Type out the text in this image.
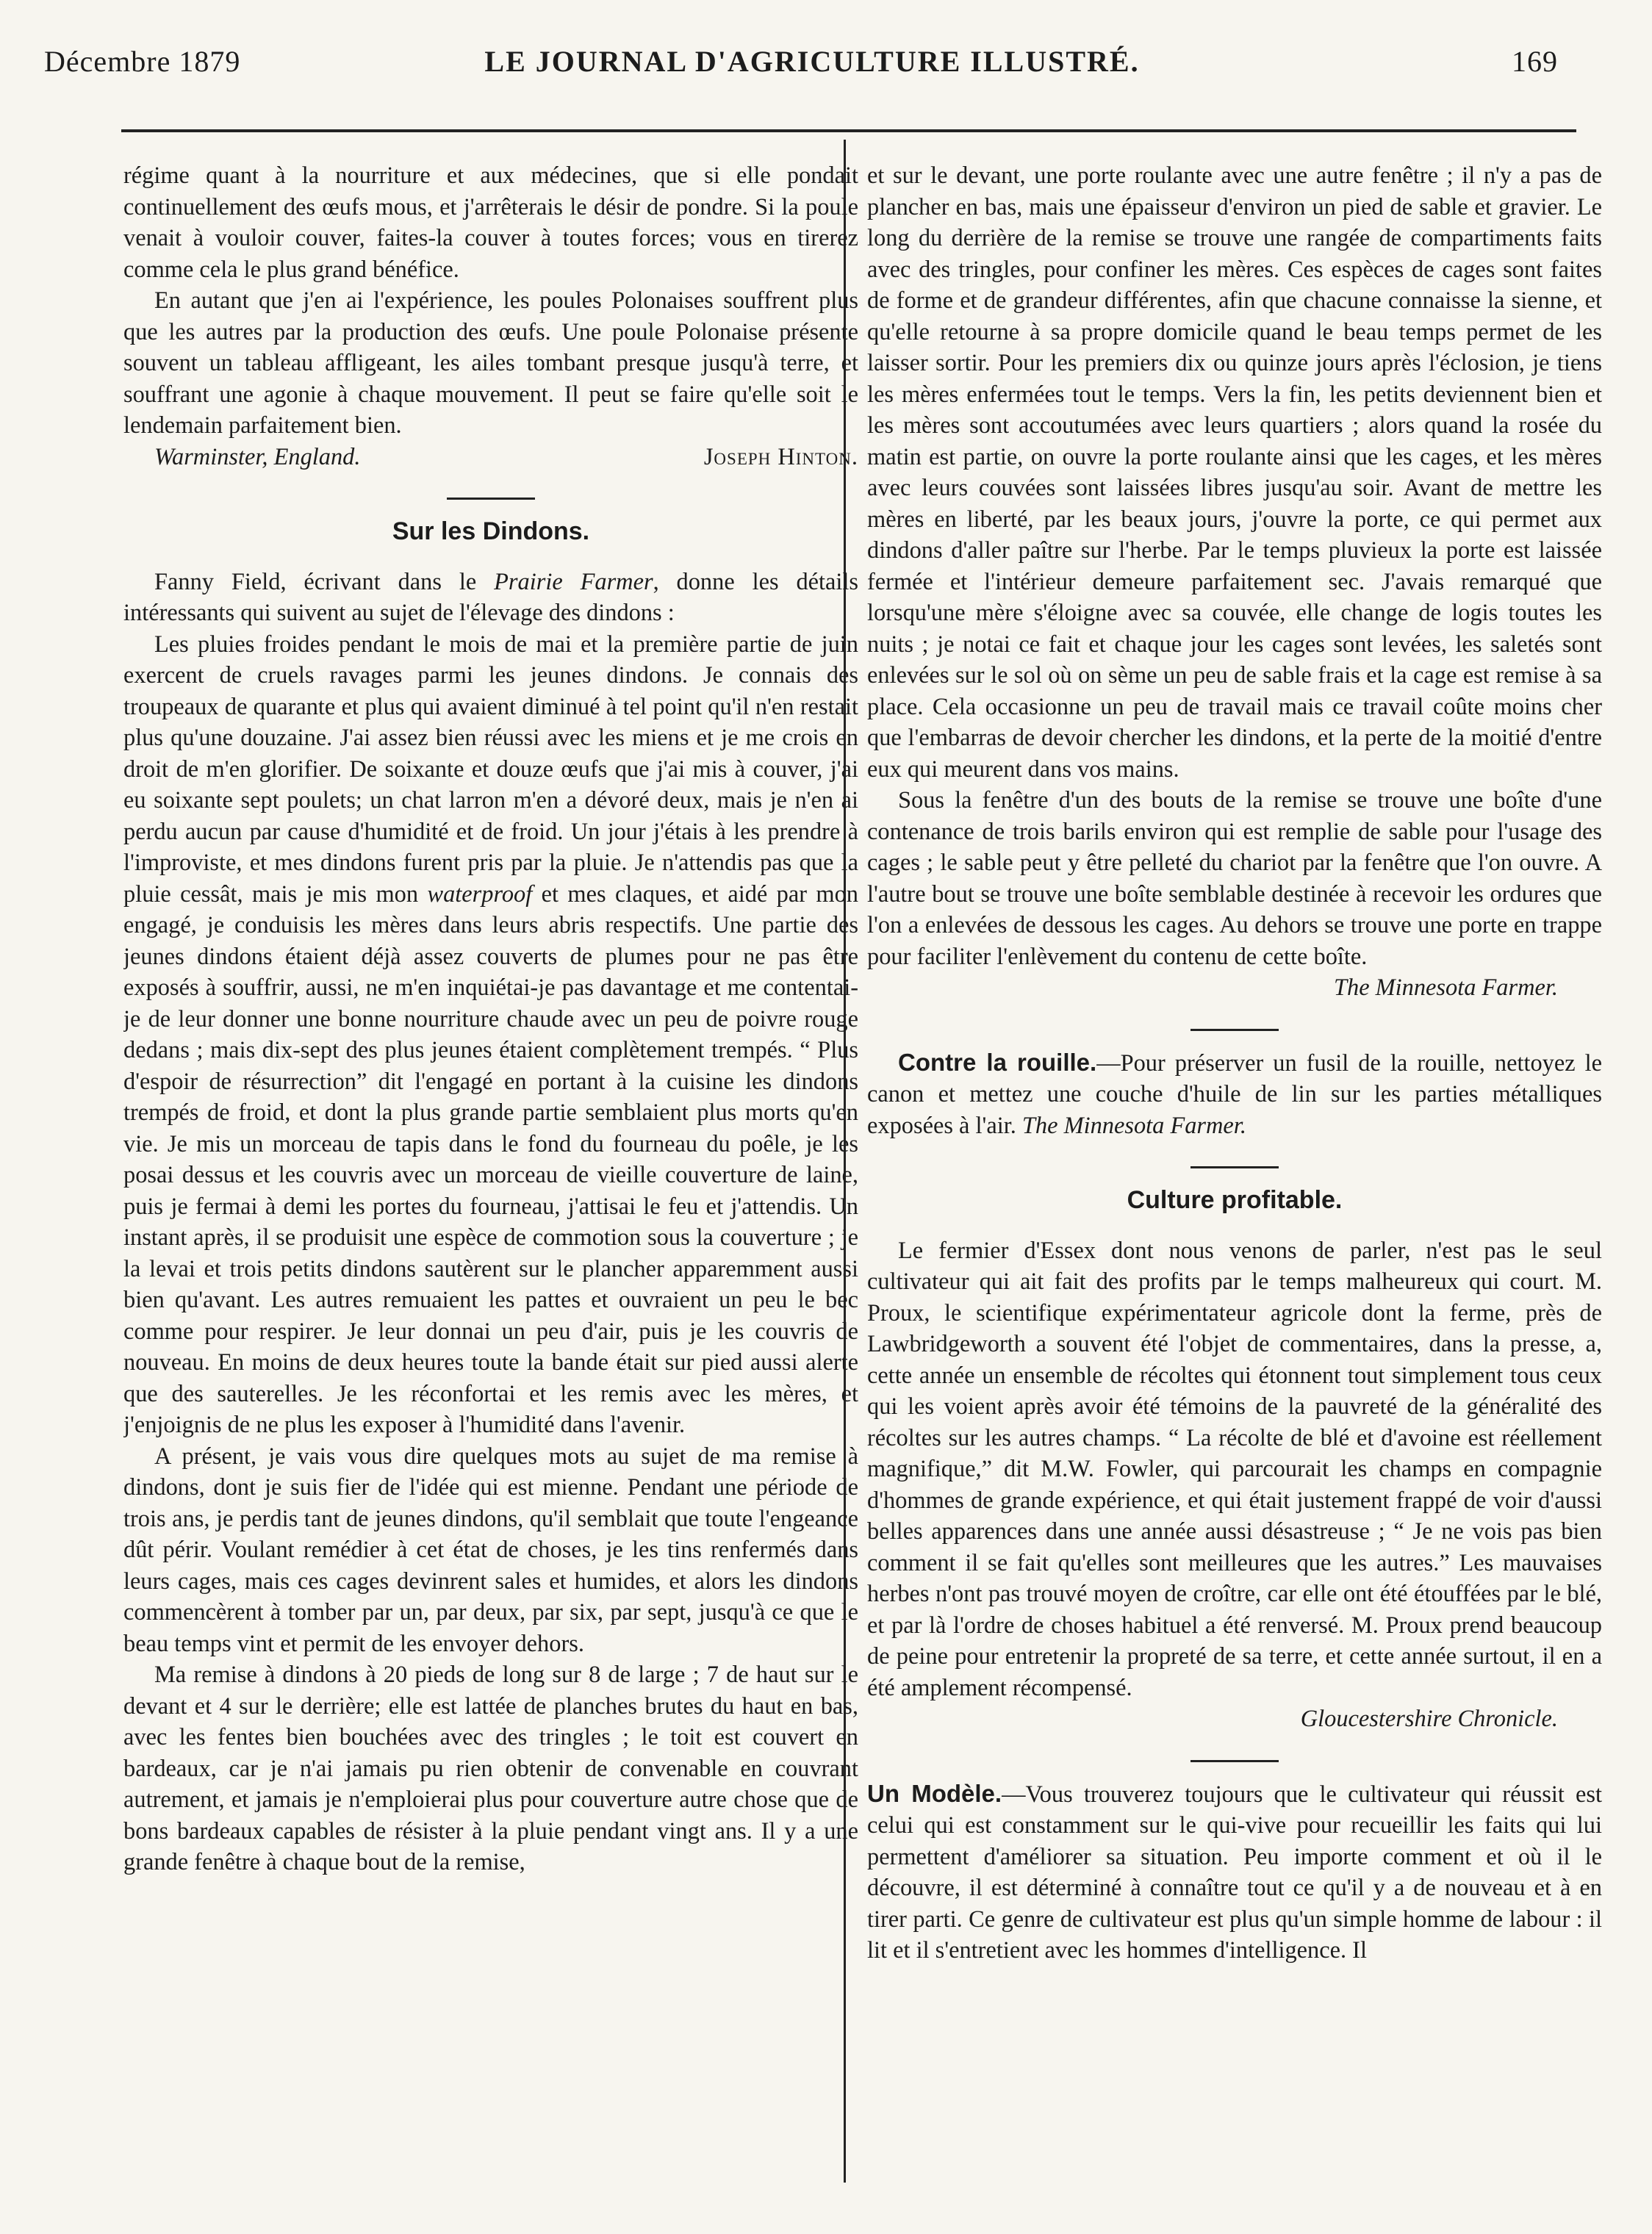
Décembre 1879	LE JOURNAL D'AGRICULTURE ILLUSTRÉ.	169

régime quant à la nourriture et aux médecines, que si elle pondait continuellement des œufs mous, et j'arrêterais le désir de pondre. Si la poule venait à vouloir couver, faites-la couver à toutes forces; vous en tirerez comme cela le plus grand bénéfice.

En autant que j'en ai l'expérience, les poules Polonaises souffrent plus que les autres par la production des œufs. Une poule Polonaise présente souvent un tableau affligeant, les ailes tombant presque jusqu'à terre, et souffrant une agonie à chaque mouvement. Il peut se faire qu'elle soit le lendemain parfaitement bien.

Warminster, England.	Joseph Hinton.
Sur les Dindons.

Fanny Field, écrivant dans le Prairie Farmer, donne les détails intéressants qui suivent au sujet de l'élevage des dindons :

Les pluies froides pendant le mois de mai et la première partie de juin exercent de cruels ravages parmi les jeunes dindons. Je connais des troupeaux de quarante et plus qui avaient diminué à tel point qu'il n'en restait plus qu'une douzaine. J'ai assez bien réussi avec les miens et je me crois en droit de m'en glorifier. De soixante et douze œufs que j'ai mis à couver, j'ai eu soixante sept poulets; un chat larron m'en a dévoré deux, mais je n'en ai perdu aucun par cause d'humidité et de froid. Un jour j'étais à les prendre à l'improviste, et mes dindons furent pris par la pluie. Je n'attendis pas que la pluie cessât, mais je mis mon waterproof et mes claques, et aidé par mon engagé, je conduisis les mères dans leurs abris respectifs. Une partie des jeunes dindons étaient déjà assez couverts de plumes pour ne pas être exposés à souffrir, aussi, ne m'en inquiétai-je pas davantage et me contentai-je de leur donner une bonne nourriture chaude avec un peu de poivre rouge dedans ; mais dix-sept des plus jeunes étaient complètement trempés. “ Plus d'espoir de résurrection” dit l'engagé en portant à la cuisine les dindons trempés de froid, et dont la plus grande partie semblaient plus morts qu'en vie. Je mis un morceau de tapis dans le fond du fourneau du poêle, je les posai dessus et les couvris avec un morceau de vieille couverture de laine, puis je fermai à demi les portes du fourneau, j'attisai le feu et j'attendis. Un instant après, il se produisit une espèce de commotion sous la couverture ; je la levai et trois petits dindons sautèrent sur le plancher apparemment aussi bien qu'avant. Les autres remuaient les pattes et ouvraient un peu le bec comme pour respirer. Je leur donnai un peu d'air, puis je les couvris de nouveau. En moins de deux heures toute la bande était sur pied aussi alerte que des sauterelles. Je les réconfortai et les remis avec les mères, et j'enjoignis de ne plus les exposer à l'humidité dans l'avenir.

A présent, je vais vous dire quelques mots au sujet de ma remise à dindons, dont je suis fier de l'idée qui est mienne. Pendant une période de trois ans, je perdis tant de jeunes dindons, qu'il semblait que toute l'engeance dût périr. Voulant remédier à cet état de choses, je les tins renfermés dans leurs cages, mais ces cages devinrent sales et humides, et alors les dindons commencèrent à tomber par un, par deux, par six, par sept, jusqu'à ce que le beau temps vint et permit de les envoyer dehors.

Ma remise à dindons à 20 pieds de long sur 8 de large ; 7 de haut sur le devant et 4 sur le derrière; elle est lattée de planches brutes du haut en bas, avec les fentes bien bouchées avec des tringles ; le toit est couvert en bardeaux, car je n'ai jamais pu rien obtenir de convenable en couvrant autrement, et jamais je n'emploierai plus pour couverture autre chose que de bons bardeaux capables de résister à la pluie pendant vingt ans. Il y a une grande fenêtre à chaque bout de la remise,

et sur le devant, une porte roulante avec une autre fenêtre ; il n'y a pas de plancher en bas, mais une épaisseur d'environ un pied de sable et gravier. Le long du derrière de la remise se trouve une rangée de compartiments faits avec des tringles, pour confiner les mères. Ces espèces de cages sont faites de forme et de grandeur différentes, afin que chacune connaisse la sienne, et qu'elle retourne à sa propre domicile quand le beau temps permet de les laisser sortir. Pour les premiers dix ou quinze jours après l'éclosion, je tiens les mères enfermées tout le temps. Vers la fin, les petits deviennent bien et les mères sont accoutumées avec leurs quartiers ; alors quand la rosée du matin est partie, on ouvre la porte roulante ainsi que les cages, et les mères avec leurs couvées sont laissées libres jusqu'au soir. Avant de mettre les mères en liberté, par les beaux jours, j'ouvre la porte, ce qui permet aux dindons d'aller paître sur l'herbe. Par le temps pluvieux la porte est laissée fermée et l'intérieur demeure parfaitement sec. J'avais remarqué que lorsqu'une mère s'éloigne avec sa couvée, elle change de logis toutes les nuits ; je notai ce fait et chaque jour les cages sont levées, les saletés sont enlevées sur le sol où on sème un peu de sable frais et la cage est remise à sa place. Cela occasionne un peu de travail mais ce travail coûte moins cher que l'embarras de devoir chercher les dindons, et la perte de la moitié d'entre eux qui meurent dans vos mains.

Sous la fenêtre d'un des bouts de la remise se trouve une boîte d'une contenance de trois barils environ qui est remplie de sable pour l'usage des cages ; le sable peut y être pelleté du chariot par la fenêtre que l'on ouvre. A l'autre bout se trouve une boîte semblable destinée à recevoir les ordures que l'on a enlevées de dessous les cages. Au dehors se trouve une porte en trappe pour faciliter l'enlèvement du contenu de cette boîte.

The Minnesota Farmer.

Contre la rouille.—Pour préserver un fusil de la rouille, nettoyez le canon et mettez une couche d'huile de lin sur les parties métalliques exposées à l'air. The Minnesota Farmer.

Culture profitable.

Le fermier d'Essex dont nous venons de parler, n'est pas le seul cultivateur qui ait fait des profits par le temps malheureux qui court. M. Proux, le scientifique expérimentateur agricole dont la ferme, près de Lawbridgeworth a souvent été l'objet de commentaires, dans la presse, a, cette année un ensemble de récoltes qui étonnent tout simplement tous ceux qui les voient après avoir été témoins de la pauvreté de la généralité des récoltes sur les autres champs. “ La récolte de blé et d'avoine est réellement magnifique,” dit M.W. Fowler, qui parcourait les champs en compagnie d'hommes de grande expérience, et qui était justement frappé de voir d'aussi belles apparences dans une année aussi désastreuse ; “ Je ne vois pas bien comment il se fait qu'elles sont meilleures que les autres.” Les mauvaises herbes n'ont pas trouvé moyen de croître, car elle ont été étouffées par le blé, et par là l'ordre de choses habituel a été renversé. M. Proux prend beaucoup de peine pour entretenir la propreté de sa terre, et cette année surtout, il en a été amplement récompensé.

Gloucestershire Chronicle.

Un Modèle.—Vous trouverez toujours que le cultivateur qui réussit est celui qui est constamment sur le qui-vive pour recueillir les faits qui lui permettent d'améliorer sa situation. Peu importe comment et où il le découvre, il est déterminé à connaître tout ce qu'il y a de nouveau et à en tirer parti. Ce genre de cultivateur est plus qu'un simple homme de labour : il lit et il s'entretient avec les hommes d'intelligence. Il
